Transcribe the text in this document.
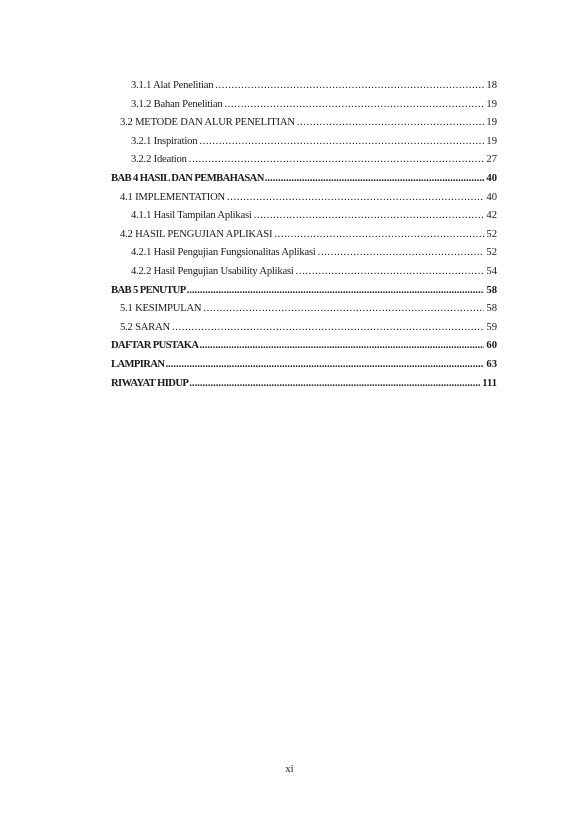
3.1.1 Alat Penelitian .....	18
3.1.2 Bahan Penelitian .....	19
3.2 METODE DAN ALUR PENELITIAN .....	19
3.2.1 Inspiration .....	19
3.2.2 Ideation .....	27
BAB 4 HASIL DAN PEMBAHASAN .....	40
4.1 IMPLEMENTATION .....	40
4.1.1 Hasil Tampilan Aplikasi .....	42
4.2 HASIL PENGUJIAN APLIKASI .....	52
4.2.1 Hasil Pengujian Fungsionalitas Aplikasi .....	52
4.2.2 Hasil Pengujian Usability Aplikasi .....	54
BAB 5 PENUTUP .....	58
5.1 KESIMPULAN .....	58
5.2 SARAN .....	59
DAFTAR PUSTAKA .....	60
LAMPIRAN .....	63
RIWAYAT HIDUP .....	111
xi
